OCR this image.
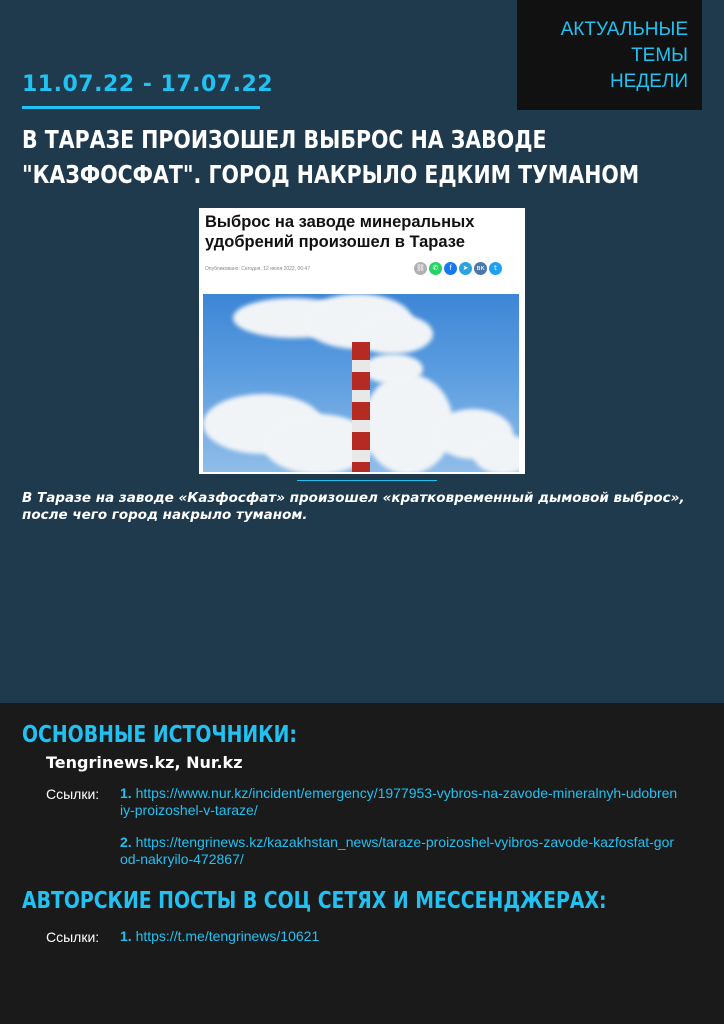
АКТУАЛЬНЫЕ ТЕМЫ
НЕДЕЛИ
11.07.22 - 17.07.22
В ТАРАЗЕ ПРОИЗОШЕЛ ВЫБРОС НА ЗАВОДЕ "КАЗФОСФАТ". ГОРОД НАКРЫЛО ЕДКИМ ТУМАНОМ
Выброс на заводе минеральных удобрений произошел в Таразе
Опубликовано: Сегодня, 12 июля 2022, 06:47	⛓	✆	f	➤	вк	t
В Таразе на заводе «Казфосфат» произошел «кратковременный дымовой выброс», после чего город накрыло туманом.
ОСНОВНЫЕ ИСТОЧНИКИ:
Tengrinews.kz, Nur.kz
Ссылки: 1. https://www.nur.kz/incident/emergency/1977953-vybros-na-zavode-mineralnyh-udobreniy-proizoshel-v-taraze/
2. https://tengrinews.kz/kazakhstan_news/taraze-proizoshel-vyibros-zavode-kazfosfat-gorod-nakryilo-472867/
АВТОРСКИЕ ПОСТЫ В СОЦ СЕТЯХ И МЕССЕНДЖЕРАХ:
Ссылки: 1. https://t.me/tengrinews/10621
